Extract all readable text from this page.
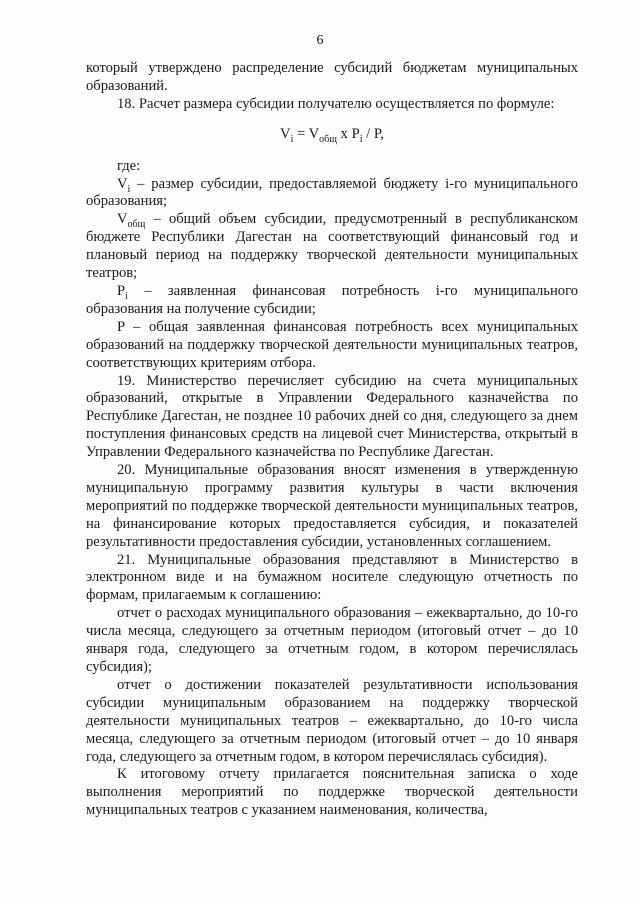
6

который утверждено распределение субсидий бюджетам муниципальных образований.

18. Расчет размера субсидии получателю осуществляется по формуле:

$V_i = V_{общ}$ x $P_i$ / P,

где:

$V_i$ – размер субсидии, предоставляемой бюджету i-го муниципального образования;

$V_{общ}$ – общий объем субсидии, предусмотренный в республиканском бюджете Республики Дагестан на соответствующий финансовый год и плановый период на поддержку творческой деятельности муниципальных театров;

$P_i$ – заявленная финансовая потребность i-го муниципального образования на получение субсидии;

P – общая заявленная финансовая потребность всех муниципальных образований на поддержку творческой деятельности муниципальных театров, соответствующих критериям отбора.

19. Министерство перечисляет субсидию на счета муниципальных образований, открытые в Управлении Федерального казначейства по Республике Дагестан, не позднее 10 рабочих дней со дня, следующего за днем поступления финансовых средств на лицевой счет Министерства, открытый в Управлении Федерального казначейства по Республике Дагестан.

20. Муниципальные образования вносят изменения в утвержденную муниципальную программу развития культуры в части включения мероприятий по поддержке творческой деятельности муниципальных театров, на финансирование которых предоставляется субсидия, и показателей результативности предоставления субсидии, установленных соглашением.

21. Муниципальные образования представляют в Министерство в электронном виде и на бумажном носителе следующую отчетность по формам, прилагаемым к соглашению:

отчет о расходах муниципального образования – ежеквартально, до 10-го числа месяца, следующего за отчетным периодом (итоговый отчет – до 10 января года, следующего за отчетным годом, в котором перечислялась субсидия);

отчет о достижении показателей результативности использования субсидии муниципальным образованием на поддержку творческой деятельности муниципальных театров – ежеквартально, до 10-го числа месяца, следующего за отчетным периодом (итоговый отчет – до 10 января года, следующего за отчетным годом, в котором перечислялась субсидия).

К итоговому отчету прилагается пояснительная записка о ходе выполнения мероприятий по поддержке творческой деятельности муниципальных театров с указанием наименования, количества,
